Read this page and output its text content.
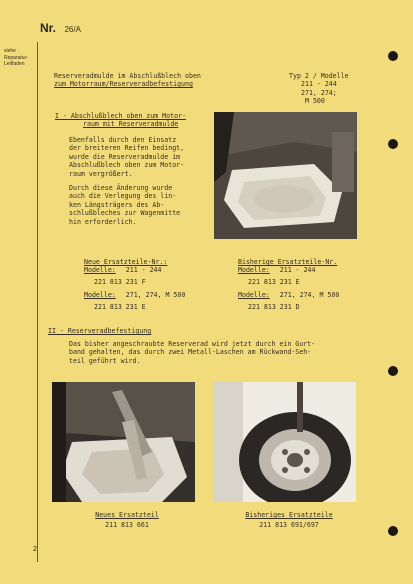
Nr. 26/A
siehe
Reparatur-
Leitfaden
Reserveradmulde im Abschlußblech oben
zum Motorraum/Reserveradbefestigung
Typ 2 / Modelle
211 - 244
271, 274;
M 500
I - Abschlußblech oben zum Motor-
raum mit Reserveradmulde
Ebenfalls durch den Einsatz
der breiteren Reifen bedingt,
wurde die Reserveradmulde im
Abschlußblech oben zum Motor-
raum vergrößert.
Durch diese Änderung wurde
auch die Verlegung des lin-
ken Längsträgers des Ab-
schlußbleches zur Wagenmitte
hin erforderlich.
Neue Ersatzteile-Nr.:
Modelle: 211 - 244
221 813 231 F
Modelle: 271, 274, M 500
221 813 231 E
Bisherige Ersatzteile-Nr.
Modelle: 211 - 244
221 813 231 E
Modelle: 271, 274, M 500
221 813 231 D
II - Reserveradbefestigung
Das bisher angeschraubte Reserverad wird jetzt durch ein Gurt-
band gehalten, das durch zwei Metall-Laschen am Rückwand-Seh-
teil geführt wird.
Neues Ersatzteil
211 813 661
Bisheriges Ersatzteile
211 813 691/697
2
